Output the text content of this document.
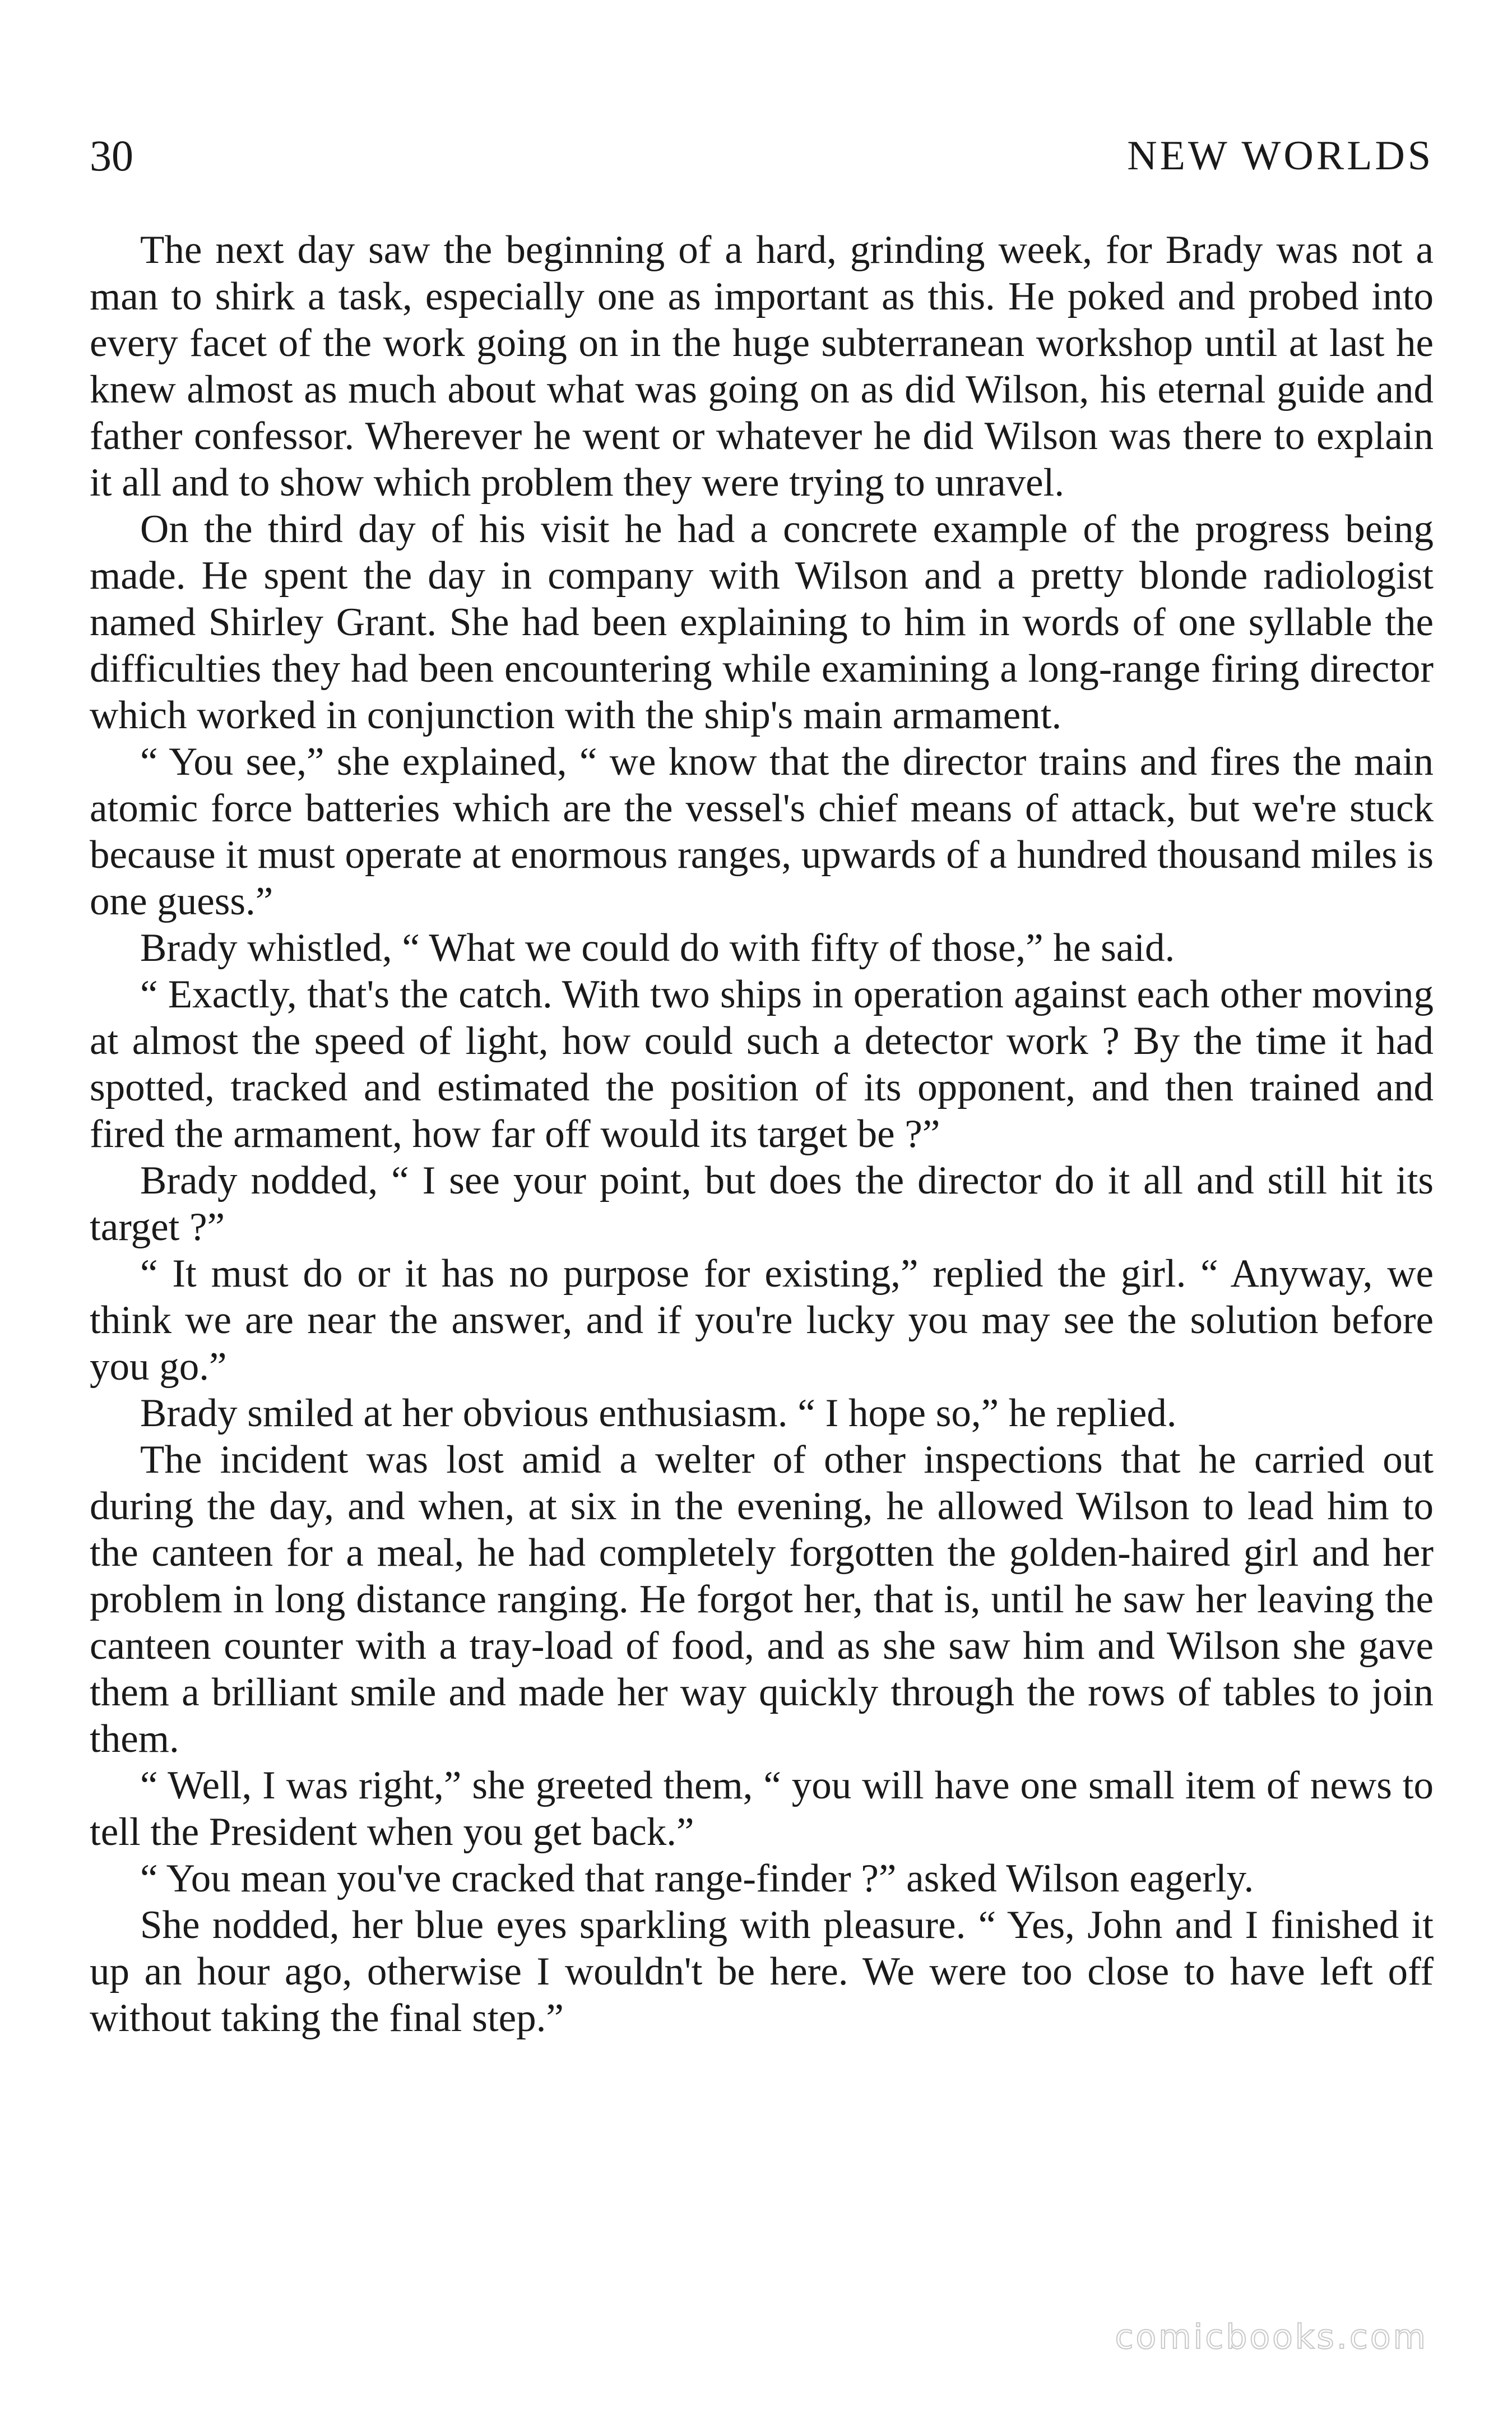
30	NEW WORLDS

The next day saw the beginning of a hard, grinding week, for Brady was not a man to shirk a task, especially one as important as this. He poked and probed into every facet of the work going on in the huge subterranean workshop until at last he knew almost as much about what was going on as did Wilson, his eternal guide and father confessor. Wherever he went or whatever he did Wilson was there to explain it all and to show which problem they were trying to unravel.

On the third day of his visit he had a concrete example of the progress being made. He spent the day in company with Wilson and a pretty blonde radiologist named Shirley Grant. She had been explaining to him in words of one syllable the difficulties they had been encountering while examining a long-range firing director which worked in conjunction with the ship's main armament.

“ You see,” she explained, “ we know that the director trains and fires the main atomic force batteries which are the vessel's chief means of attack, but we're stuck because it must operate at enormous ranges, upwards of a hundred thousand miles is one guess.”

Brady whistled, “ What we could do with fifty of those,” he said.

“ Exactly, that's the catch. With two ships in operation against each other moving at almost the speed of light, how could such a detector work ? By the time it had spotted, tracked and estimated the position of its opponent, and then trained and fired the armament, how far off would its target be ?”

Brady nodded, “ I see your point, but does the director do it all and still hit its target ?”

“ It must do or it has no purpose for existing,” replied the girl. “ Anyway, we think we are near the answer, and if you're lucky you may see the solution before you go.”

Brady smiled at her obvious enthusiasm. “ I hope so,” he replied.

The incident was lost amid a welter of other inspections that he carried out during the day, and when, at six in the evening, he allowed Wilson to lead him to the canteen for a meal, he had completely forgotten the golden-haired girl and her problem in long distance ranging. He forgot her, that is, until he saw her leaving the canteen counter with a tray-load of food, and as she saw him and Wilson she gave them a brilliant smile and made her way quickly through the rows of tables to join them.

“ Well, I was right,” she greeted them, “ you will have one small item of news to tell the President when you get back.”

“ You mean you've cracked that range-finder ?” asked Wilson eagerly.

She nodded, her blue eyes sparkling with pleasure. “ Yes, John and I finished it up an hour ago, otherwise I wouldn't be here. We were too close to have left off without taking the final step.”

comicbooks.com
